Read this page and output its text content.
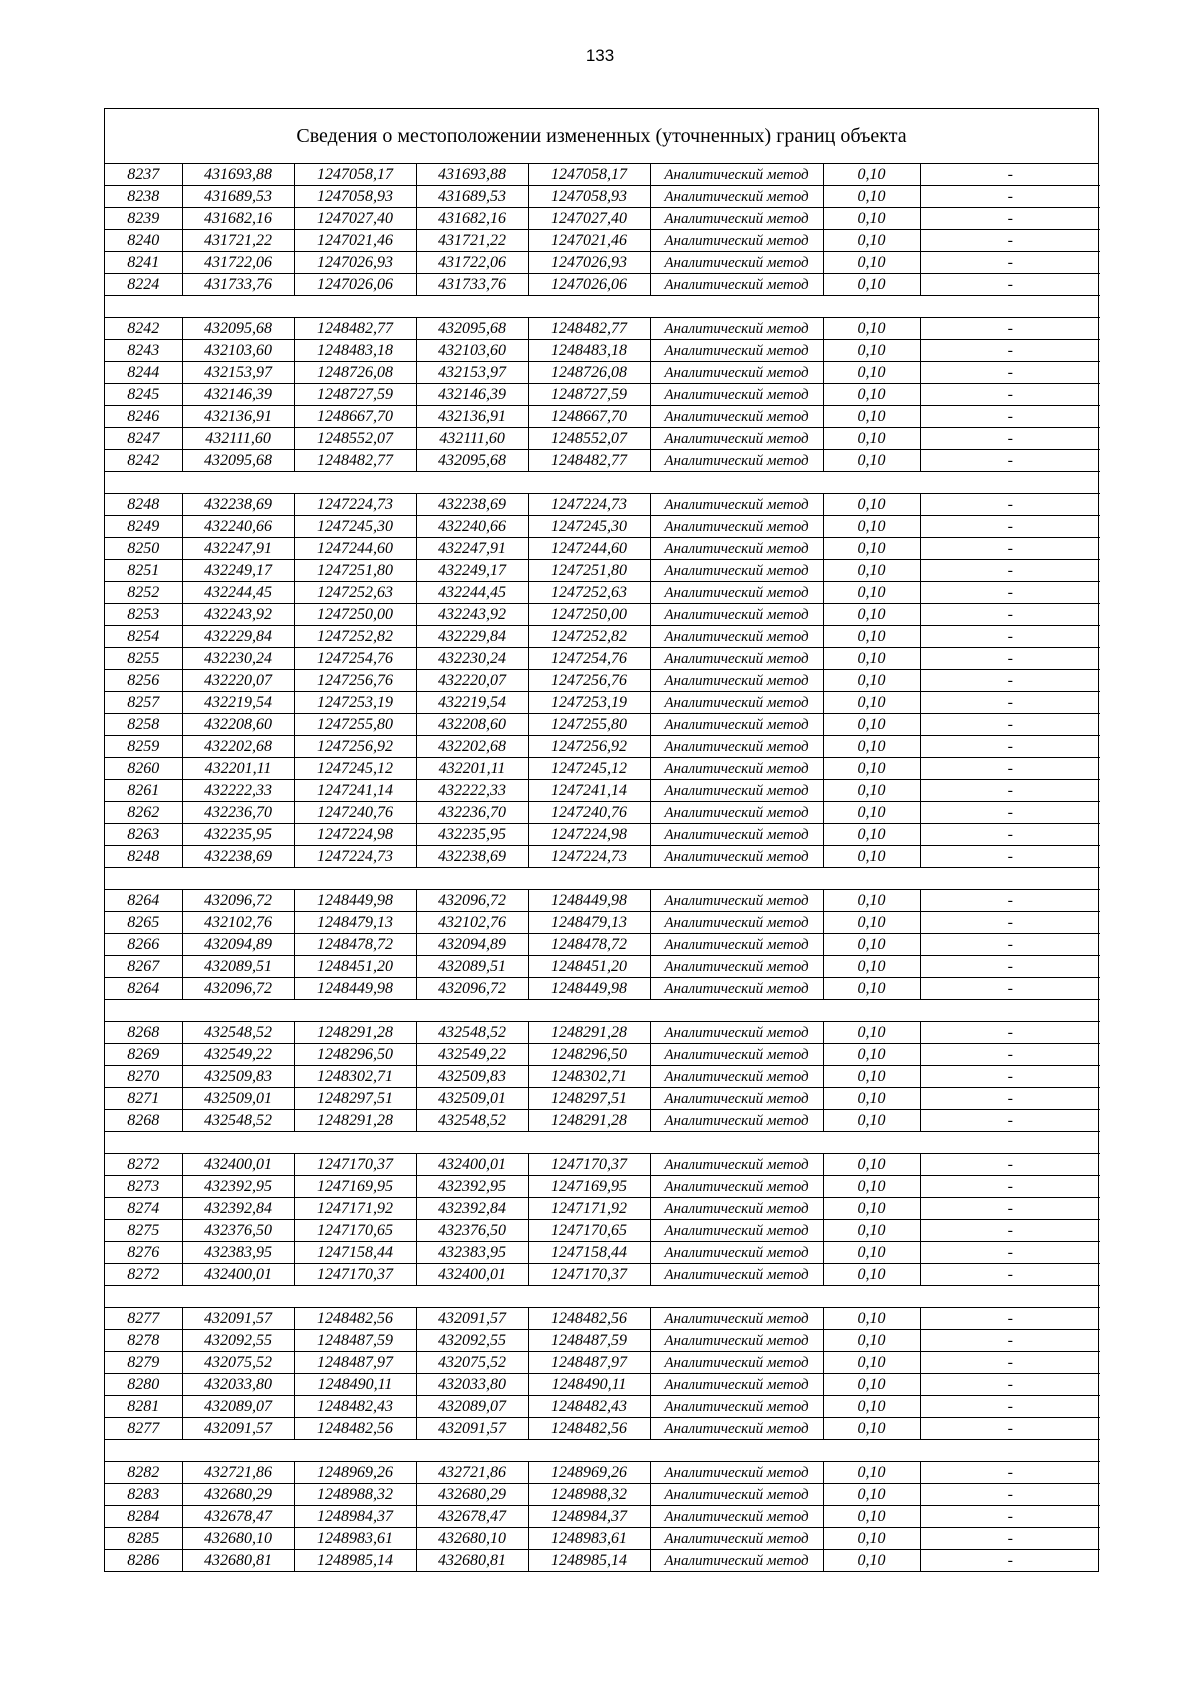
133
Сведения о местоположении измененных (уточненных) границ объекта
8237	431693,88	1247058,17	431693,88	1247058,17	Аналитический метод	0,10	-
8238	431689,53	1247058,93	431689,53	1247058,93	Аналитический метод	0,10	-
8239	431682,16	1247027,40	431682,16	1247027,40	Аналитический метод	0,10	-
8240	431721,22	1247021,46	431721,22	1247021,46	Аналитический метод	0,10	-
8241	431722,06	1247026,93	431722,06	1247026,93	Аналитический метод	0,10	-
8224	431733,76	1247026,06	431733,76	1247026,06	Аналитический метод	0,10	-

8242	432095,68	1248482,77	432095,68	1248482,77	Аналитический метод	0,10	-
8243	432103,60	1248483,18	432103,60	1248483,18	Аналитический метод	0,10	-
8244	432153,97	1248726,08	432153,97	1248726,08	Аналитический метод	0,10	-
8245	432146,39	1248727,59	432146,39	1248727,59	Аналитический метод	0,10	-
8246	432136,91	1248667,70	432136,91	1248667,70	Аналитический метод	0,10	-
8247	432111,60	1248552,07	432111,60	1248552,07	Аналитический метод	0,10	-
8242	432095,68	1248482,77	432095,68	1248482,77	Аналитический метод	0,10	-

8248	432238,69	1247224,73	432238,69	1247224,73	Аналитический метод	0,10	-
8249	432240,66	1247245,30	432240,66	1247245,30	Аналитический метод	0,10	-
8250	432247,91	1247244,60	432247,91	1247244,60	Аналитический метод	0,10	-
8251	432249,17	1247251,80	432249,17	1247251,80	Аналитический метод	0,10	-
8252	432244,45	1247252,63	432244,45	1247252,63	Аналитический метод	0,10	-
8253	432243,92	1247250,00	432243,92	1247250,00	Аналитический метод	0,10	-
8254	432229,84	1247252,82	432229,84	1247252,82	Аналитический метод	0,10	-
8255	432230,24	1247254,76	432230,24	1247254,76	Аналитический метод	0,10	-
8256	432220,07	1247256,76	432220,07	1247256,76	Аналитический метод	0,10	-
8257	432219,54	1247253,19	432219,54	1247253,19	Аналитический метод	0,10	-
8258	432208,60	1247255,80	432208,60	1247255,80	Аналитический метод	0,10	-
8259	432202,68	1247256,92	432202,68	1247256,92	Аналитический метод	0,10	-
8260	432201,11	1247245,12	432201,11	1247245,12	Аналитический метод	0,10	-
8261	432222,33	1247241,14	432222,33	1247241,14	Аналитический метод	0,10	-
8262	432236,70	1247240,76	432236,70	1247240,76	Аналитический метод	0,10	-
8263	432235,95	1247224,98	432235,95	1247224,98	Аналитический метод	0,10	-
8248	432238,69	1247224,73	432238,69	1247224,73	Аналитический метод	0,10	-

8264	432096,72	1248449,98	432096,72	1248449,98	Аналитический метод	0,10	-
8265	432102,76	1248479,13	432102,76	1248479,13	Аналитический метод	0,10	-
8266	432094,89	1248478,72	432094,89	1248478,72	Аналитический метод	0,10	-
8267	432089,51	1248451,20	432089,51	1248451,20	Аналитический метод	0,10	-
8264	432096,72	1248449,98	432096,72	1248449,98	Аналитический метод	0,10	-

8268	432548,52	1248291,28	432548,52	1248291,28	Аналитический метод	0,10	-
8269	432549,22	1248296,50	432549,22	1248296,50	Аналитический метод	0,10	-
8270	432509,83	1248302,71	432509,83	1248302,71	Аналитический метод	0,10	-
8271	432509,01	1248297,51	432509,01	1248297,51	Аналитический метод	0,10	-
8268	432548,52	1248291,28	432548,52	1248291,28	Аналитический метод	0,10	-

8272	432400,01	1247170,37	432400,01	1247170,37	Аналитический метод	0,10	-
8273	432392,95	1247169,95	432392,95	1247169,95	Аналитический метод	0,10	-
8274	432392,84	1247171,92	432392,84	1247171,92	Аналитический метод	0,10	-
8275	432376,50	1247170,65	432376,50	1247170,65	Аналитический метод	0,10	-
8276	432383,95	1247158,44	432383,95	1247158,44	Аналитический метод	0,10	-
8272	432400,01	1247170,37	432400,01	1247170,37	Аналитический метод	0,10	-

8277	432091,57	1248482,56	432091,57	1248482,56	Аналитический метод	0,10	-
8278	432092,55	1248487,59	432092,55	1248487,59	Аналитический метод	0,10	-
8279	432075,52	1248487,97	432075,52	1248487,97	Аналитический метод	0,10	-
8280	432033,80	1248490,11	432033,80	1248490,11	Аналитический метод	0,10	-
8281	432089,07	1248482,43	432089,07	1248482,43	Аналитический метод	0,10	-
8277	432091,57	1248482,56	432091,57	1248482,56	Аналитический метод	0,10	-

8282	432721,86	1248969,26	432721,86	1248969,26	Аналитический метод	0,10	-
8283	432680,29	1248988,32	432680,29	1248988,32	Аналитический метод	0,10	-
8284	432678,47	1248984,37	432678,47	1248984,37	Аналитический метод	0,10	-
8285	432680,10	1248983,61	432680,10	1248983,61	Аналитический метод	0,10	-
8286	432680,81	1248985,14	432680,81	1248985,14	Аналитический метод	0,10	-
